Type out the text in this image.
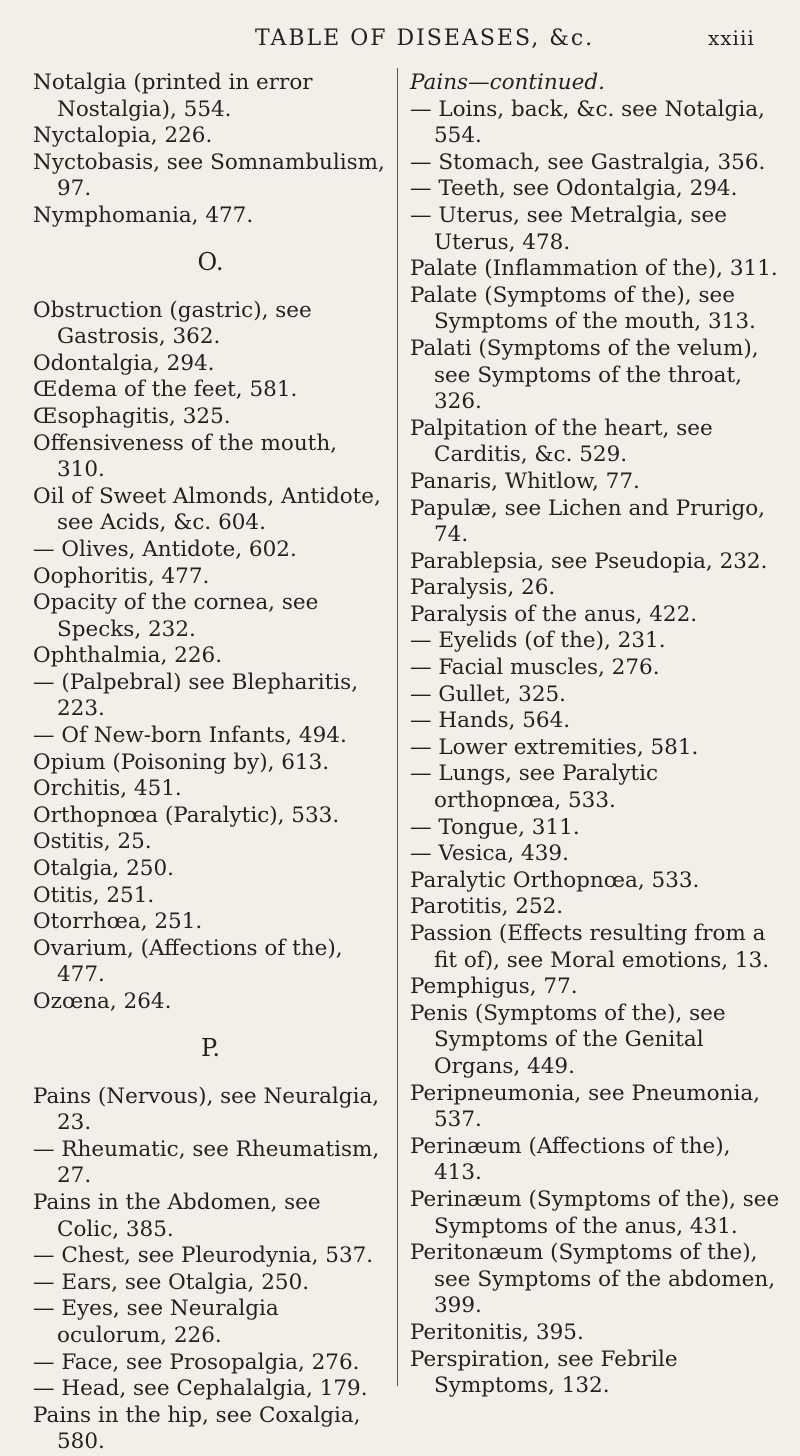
TABLE OF DISEASES, &c.	xxiii
Notalgia (printed in error Nostalgia), 554.
Nyctalopia, 226.
Nyctobasis, see Somnambulism, 97.
Nymphomania, 477.
O.
Obstruction (gastric), see Gastrosis, 362.
Odontalgia, 294.
Œdema of the feet, 581.
Œsophagitis, 325.
Offensiveness of the mouth, 310.
Oil of Sweet Almonds, Antidote, see Acids, &c. 604.
— Olives, Antidote, 602.
Oophoritis, 477.
Opacity of the cornea, see Specks, 232.
Ophthalmia, 226.
— (Palpebral) see Blepharitis, 223.
— Of New-born Infants, 494.
Opium (Poisoning by), 613.
Orchitis, 451.
Orthopnœa (Paralytic), 533.
Ostitis, 25.
Otalgia, 250.
Otitis, 251.
Otorrhœa, 251.
Ovarium, (Affections of the), 477.
Ozœna, 264.
P.
Pains (Nervous), see Neuralgia, 23.
— Rheumatic, see Rheumatism, 27.
Pains in the Abdomen, see Colic, 385.
— Chest, see Pleurodynia, 537.
— Ears, see Otalgia, 250.
— Eyes, see Neuralgia oculorum, 226.
— Face, see Prosopalgia, 276.
— Head, see Cephalalgia, 179.
Pains in the hip, see Coxalgia, 580.
Pains—continued.
— Loins, back, &c. see Notalgia, 554.
— Stomach, see Gastralgia, 356.
— Teeth, see Odontalgia, 294.
— Uterus, see Metralgia, see Uterus, 478.
Palate (Inflammation of the), 311.
Palate (Symptoms of the), see Symptoms of the mouth, 313.
Palati (Symptoms of the velum), see Symptoms of the throat, 326.
Palpitation of the heart, see Carditis, &c. 529.
Panaris, Whitlow, 77.
Papulæ, see Lichen and Prurigo, 74.
Parablepsia, see Pseudopia, 232.
Paralysis, 26.
Paralysis of the anus, 422.
— Eyelids (of the), 231.
— Facial muscles, 276.
— Gullet, 325.
— Hands, 564.
— Lower extremities, 581.
— Lungs, see Paralytic orthopnœa, 533.
— Tongue, 311.
— Vesica, 439.
Paralytic Orthopnœa, 533.
Parotitis, 252.
Passion (Effects resulting from a fit of), see Moral emotions, 13.
Pemphigus, 77.
Penis (Symptoms of the), see Symptoms of the Genital Organs, 449.
Peripneumonia, see Pneumonia, 537.
Perinæum (Affections of the), 413.
Perinæum (Symptoms of the), see Symptoms of the anus, 431.
Peritonæum (Symptoms of the), see Symptoms of the abdomen, 399.
Peritonitis, 395.
Perspiration, see Febrile Symptoms, 132.
